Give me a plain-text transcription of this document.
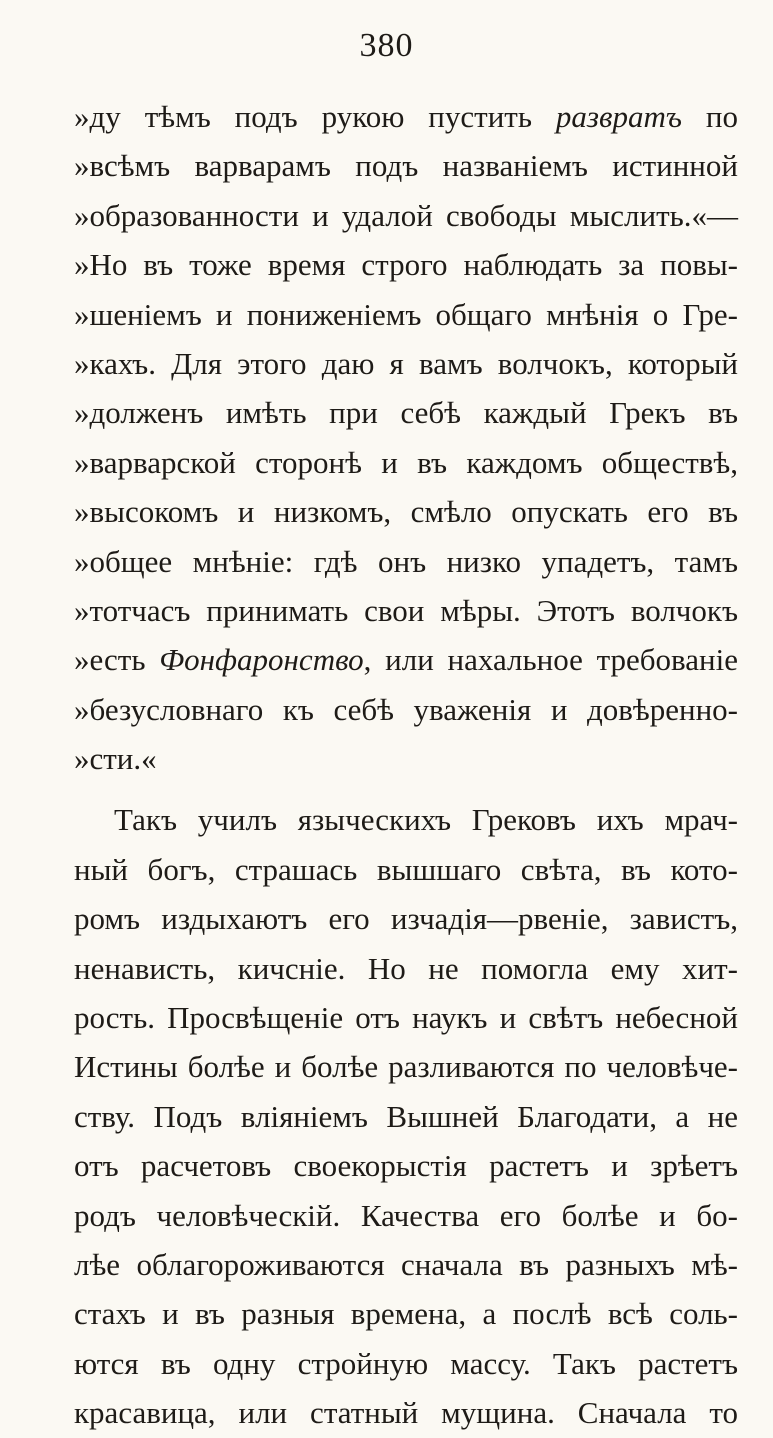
380
»ду тѣмъ подъ рукою пустить развратъ по
»всѣмъ варварамъ подъ названіемъ истинной
»образованности и удалой свободы мыслить.«—
»Но въ тоже время строго наблюдать за повы-
»шеніемъ и пониженіемъ общаго мнѣнія о Гре-
»кахъ. Для этого даю я вамъ волчокъ, который
»долженъ имѣть при себѣ каждый Грекъ въ
»варварской сторонѣ и въ каждомъ обществѣ,
»высокомъ и низкомъ, смѣло опускать его въ
»общее мнѣніе: гдѣ онъ низко упадетъ, тамъ
»тотчасъ принимать свои мѣры. Этотъ волчокъ
»есть Фонфаронство, или нахальное требованіе
»безусловнаго къ себѣ уваженія и довѣренно-
»сти.«
Такъ училъ языческихъ Грековъ ихъ мрач-
ный богъ, страшась вышшаго свѣта, въ кото-
ромъ издыхаютъ его изчадія—рвеніе, завистъ,
ненависть, кичсніе. Но не помогла ему хит-
рость. Просвѣщеніе отъ наукъ и свѣтъ небесной
Истины болѣе и болѣе разливаются по человѣче-
ству. Подъ вліяніемъ Вышней Благодати, а не
отъ расчетовъ своекорыстія растетъ и зрѣетъ
родъ человѣческій. Качества его болѣе и бо-
лѣе облагороживаются сначала въ разныхъ мѣ-
стахъ и въ разныя времена, а послѣ всѣ соль-
ются въ одну стройную массу. Такъ растетъ
красавица, или статный мущина. Сначала то
